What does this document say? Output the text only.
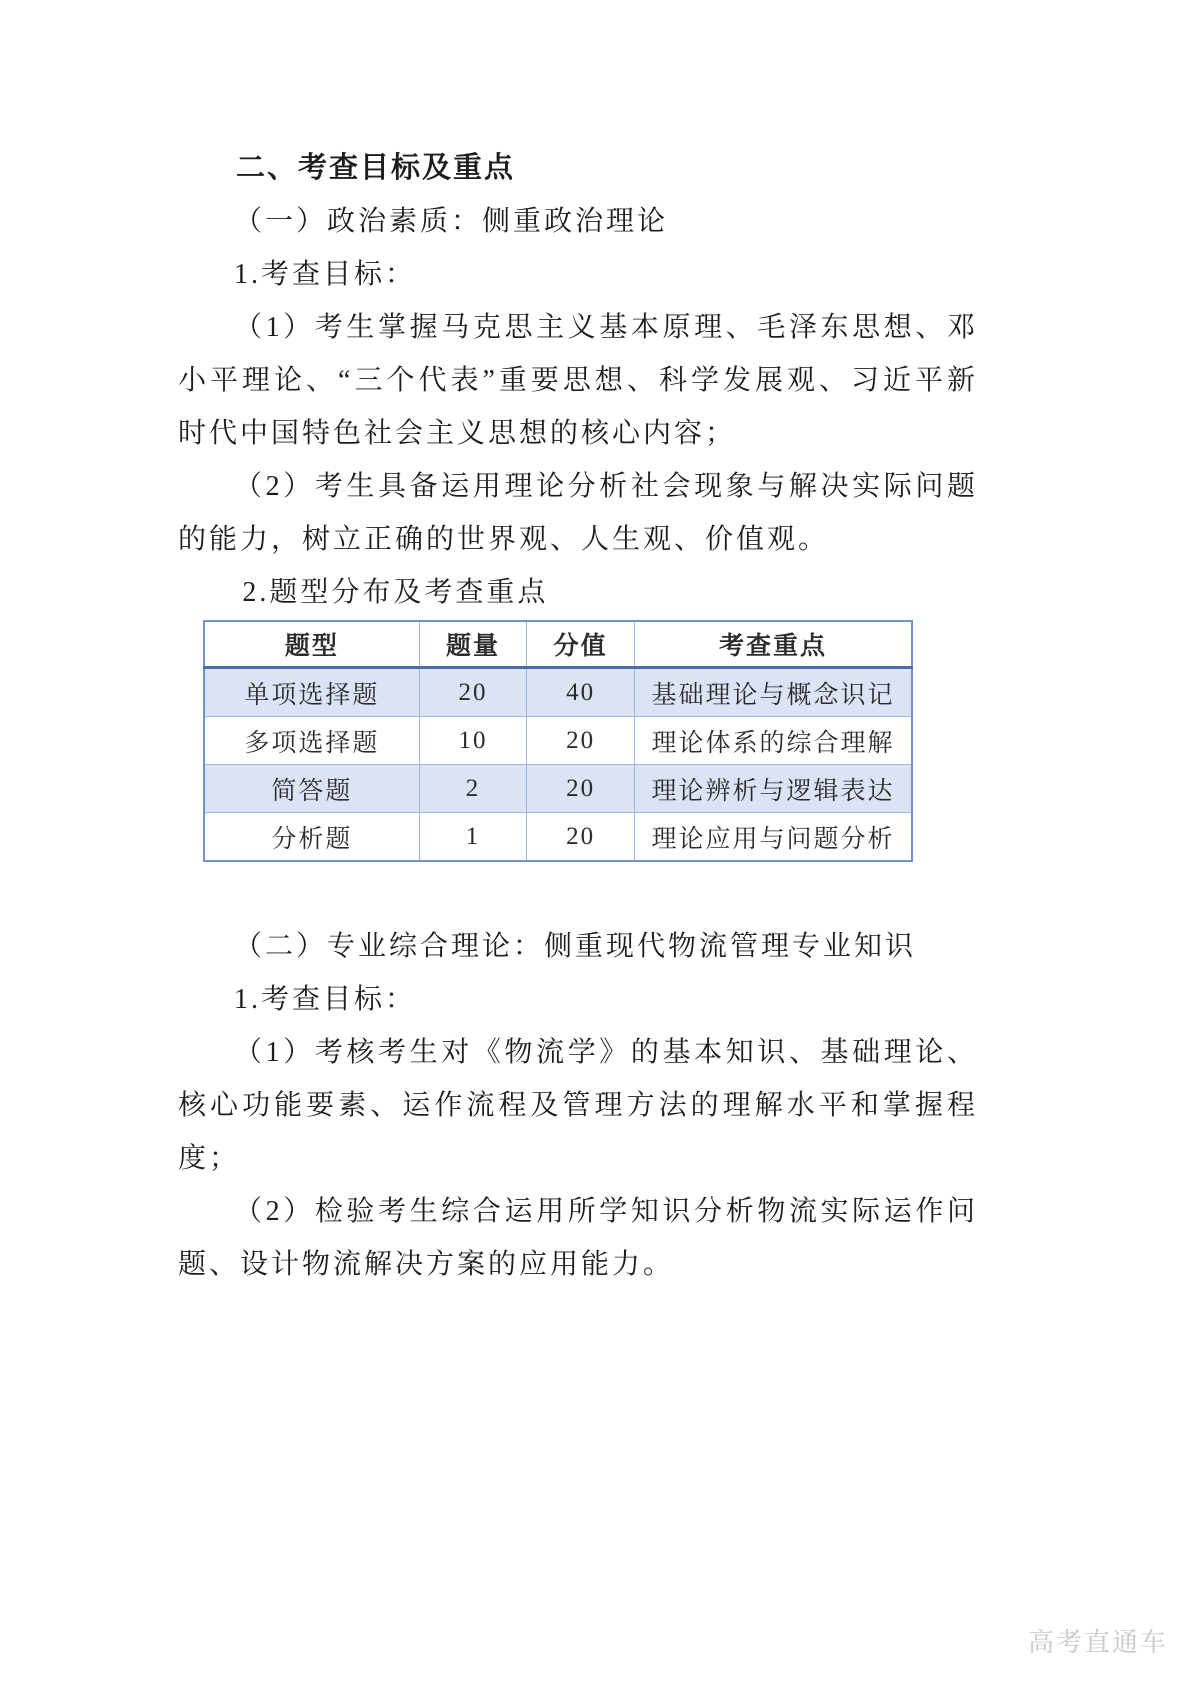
二、考查目标及重点
（一）政治素质：侧重政治理论
1.考查目标：

（1）考生掌握马克思主义基本原理、毛泽东思想、邓小平理论、“三个代表”重要思想、科学发展观、习近平新时代中国特色社会主义思想的核心内容；

（2）考生具备运用理论分析社会现象与解决实际问题的能力，树立正确的世界观、人生观、价值观。

2.题型分布及考查重点
题型	题量	分值	考查重点
单项选择题	20	40	基础理论与概念识记
多项选择题	10	20	理论体系的综合理解
简答题	2	20	理论辨析与逻辑表达
分析题	1	20	理论应用与问题分析
（二）专业综合理论：侧重现代物流管理专业知识
1.考查目标：

（1）考核考生对《物流学》的基本知识、基础理论、核心功能要素、运作流程及管理方法的理解水平和掌握程度；

（2）检验考生综合运用所学知识分析物流实际运作问题、设计物流解决方案的应用能力。

高考直通车
